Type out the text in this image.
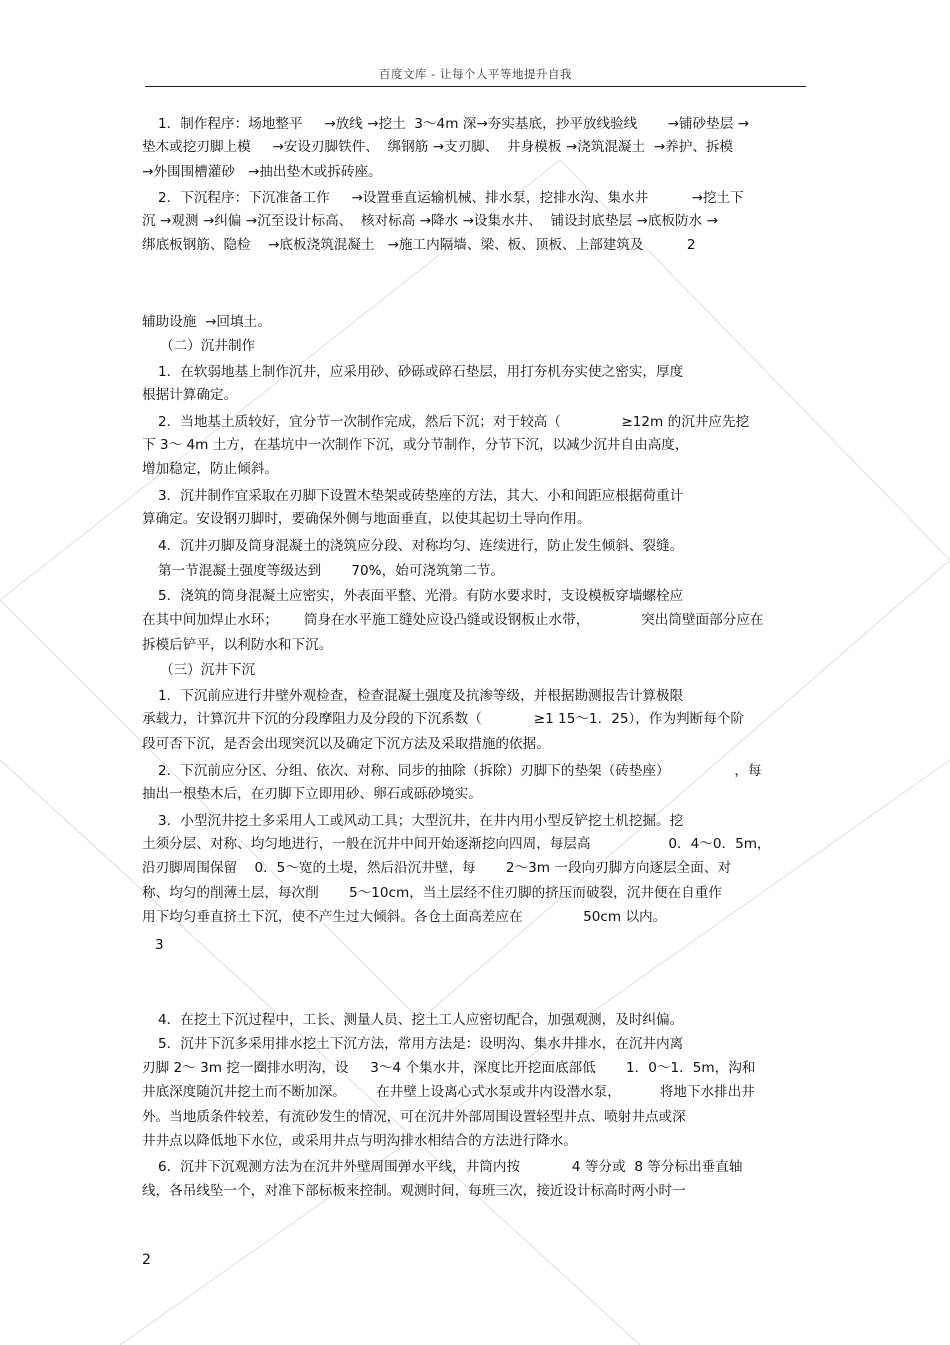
百度文库 - 让每个人平等地提升自我
1．制作程序：场地整平     →放线 →挖土  3～4m 深→夯实基底，抄平放线验线       →铺砂垫层 →
垫木或挖刃脚上模     →安设刃脚铁件、  绑钢筋 →支刃脚、  井身模板 →浇筑混凝土  →养护、拆模
→外围围槽灌砂   →抽出垫木或拆砖座。
2．下沉程序：下沉准备工作     →设置垂直运输机械、排水泵，挖排水沟、集水井          →挖土下
沉 →观测 →纠偏 →沉至设计标高、  核对标高 →降水 →设集水井、  铺设封底垫层 →底板防水 →
绑底板钢筋、隐检    →底板浇筑混凝土   →施工内隔墙、梁、板、顶板、上部建筑及          2
辅助设施  →回填土。
（二）沉井制作
1．在软弱地基上制作沉井，应采用砂、砂砾或碎石垫层，用打夯机夯实使之密实，厚度
根据计算确定。
2．当地基土质较好，宜分节一次制作完成，然后下沉；对于较高（              ≥12m 的沉井应先挖
下 3～ 4m 土方，在基坑中一次制作下沉，或分节制作，分节下沉，以减少沉井自由高度，
增加稳定，防止倾斜。
3．沉井制作宜采取在刃脚下设置木垫架或砖垫座的方法，其大、小和间距应根据荷重计
算确定。安设钢刃脚时，要确保外侧与地面垂直，以使其起切土导向作用。
4．沉井刃脚及筒身混凝土的浇筑应分段、对称均匀、连续进行，防止发生倾斜、裂缝。
第一节混凝土强度等级达到       70%，始可浇筑第二节。
5．浇筑的筒身混凝土应密实，外表面平整、光滑。有防水要求时，支设模板穿墙螺栓应
在其中间加焊止水环；      筒身在水平施工缝处应设凸缝或设钢板止水带，            突出筒壁面部分应在
拆模后铲平，以利防水和下沉。
（三）沉井下沉
1．下沉前应进行井壁外观检查，检查混凝土强度及抗渗等级，并根据勘测报告计算极限
承载力，计算沉井下沉的分段摩阻力及分段的下沉系数（            ≥1 15～1．25），作为判断每个阶
段可否下沉，是否会出现突沉以及确定下沉方法及采取措施的依据。
2．下沉前应分区、分组、依次、对称、同步的抽除（拆除）刃脚下的垫架（砖垫座）               ，每
抽出一根垫木后，在刃脚下立即用砂、卵石或砾砂境实。
3．小型沉井挖土多采用人工或风动工具；大型沉井，在井内用小型反铲挖土机挖掘。挖
土须分层、对称、均匀地进行，一般在沉井中间开始逐渐挖向四周，每层高                  0．4～0．5m，
沿刃脚周围保留    0．5～宽的土堤，然后沿沉井壁，每       2～3m 一段向刃脚方向逐层全面、对
称、均匀的削薄土层，每次削       5～10cm，当土层经不住刃脚的挤压而破裂，沉井便在自重作
用下均匀垂直挤土下沉，使不产生过大倾斜。各仓土面高差应在              50cm 以内。
3
4．在挖土下沉过程中，工长、测量人员、挖土工人应密切配合，加强观测，及时纠偏。
5．沉井下沉多采用排水挖土下沉方法，常用方法是：设明沟、集水井排水，在沉井内离
刃脚 2～ 3m 挖一圈排水明沟，设     3～4 个集水井，深度比开挖面底部低       1．0～1．5m，沟和
井底深度随沉井挖土而不断加深。       在井壁上设离心式水泵或井内设潜水泵，         将地下水排出井
外。当地质条件较差，有流砂发生的情况，可在沉井外部周围设置轻型井点、喷射井点或深
井井点以降低地下水位，或采用井点与明沟排水相结合的方法进行降水。
6．沉井下沉观测方法为在沉井外壁周围弹水平线，井筒内按            4 等分或  8 等分标出垂直轴
线，各吊线坠一个，对准下部标板来控制。观测时间，每班三次，接近设计标高时两小时一
2
